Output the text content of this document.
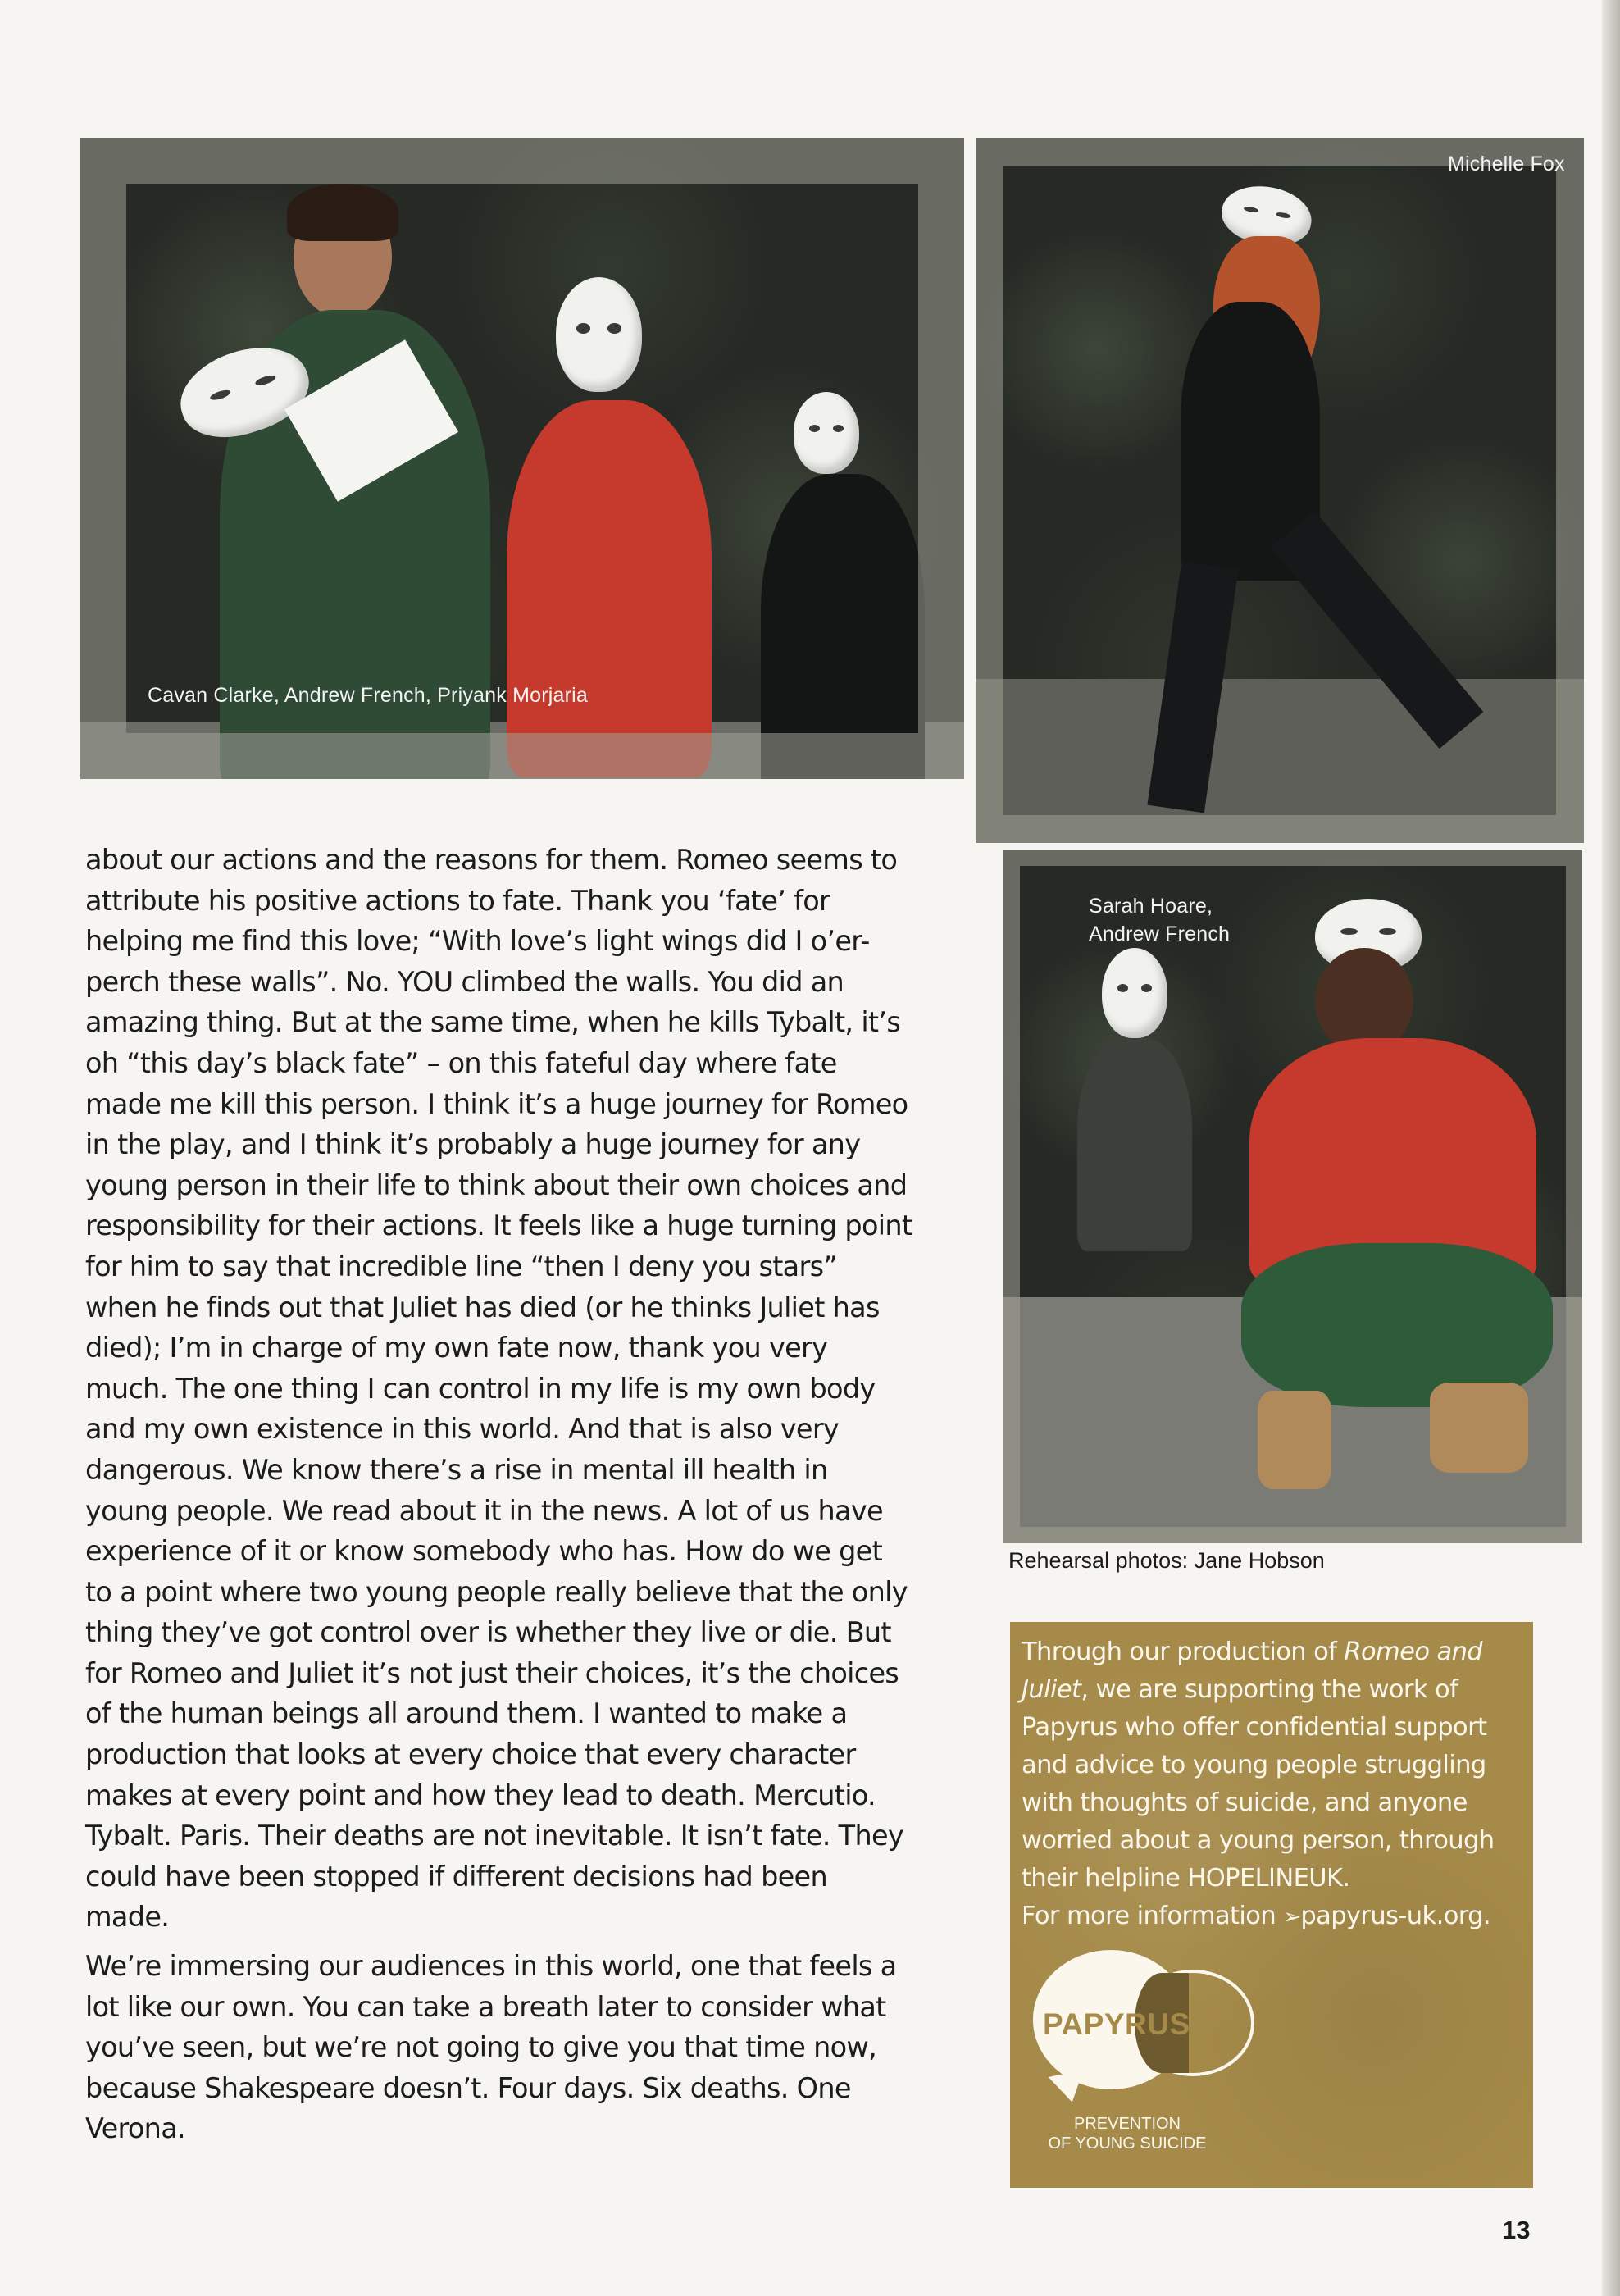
Cavan Clarke, Andrew French, Priyank Morjaria
Michelle Fox
Sarah Hoare,
Andrew French
Rehearsal photos: Jane Hobson

about our actions and the reasons for them. Romeo seems to attribute his positive actions to fate. Thank you ‘fate’ for helping me find this love; “With love’s light wings did I o’er-perch these walls”. No. YOU climbed the walls. You did an amazing thing. But at the same time, when he kills Tybalt, it’s oh “this day’s black fate” – on this fateful day where fate made me kill this person. I think it’s a huge journey for Romeo in the play, and I think it’s probably a huge journey for any young person in their life to think about their own choices and responsibility for their actions. It feels like a huge turning point for him to say that incredible line “then I deny you stars” when he finds out that Juliet has died (or he thinks Juliet has died); I’m in charge of my own fate now, thank you very much. The one thing I can control in my life is my own body and my own existence in this world. And that is also very dangerous. We know there’s a rise in mental ill health in young people. We read about it in the news. A lot of us have experience of it or know somebody who has. How do we get to a point where two young people really believe that the only thing they’ve got control over is whether they live or die. But for Romeo and Juliet it’s not just their choices, it’s the choices of the human beings all around them. I wanted to make a production that looks at every choice that every character makes at every point and how they lead to death. Mercutio. Tybalt. Paris. Their deaths are not inevitable. It isn’t fate. They could have been stopped if different decisions had been made.

We’re immersing our audiences in this world, one that feels a lot like our own. You can take a breath later to consider what you’ve seen, but we’re not going to give you that time now, because Shakespeare doesn’t. Four days. Six deaths. One Verona.

Through our production of Romeo and Juliet, we are supporting the work of Papyrus who offer confidential support and advice to young people struggling with thoughts of suicide, and anyone worried about a young person, through their helpline HOPELINEUK.
For more information ➢papyrus-uk.org.
PAPYRUS
PREVENTION
OF YOUNG SUICIDE
13
